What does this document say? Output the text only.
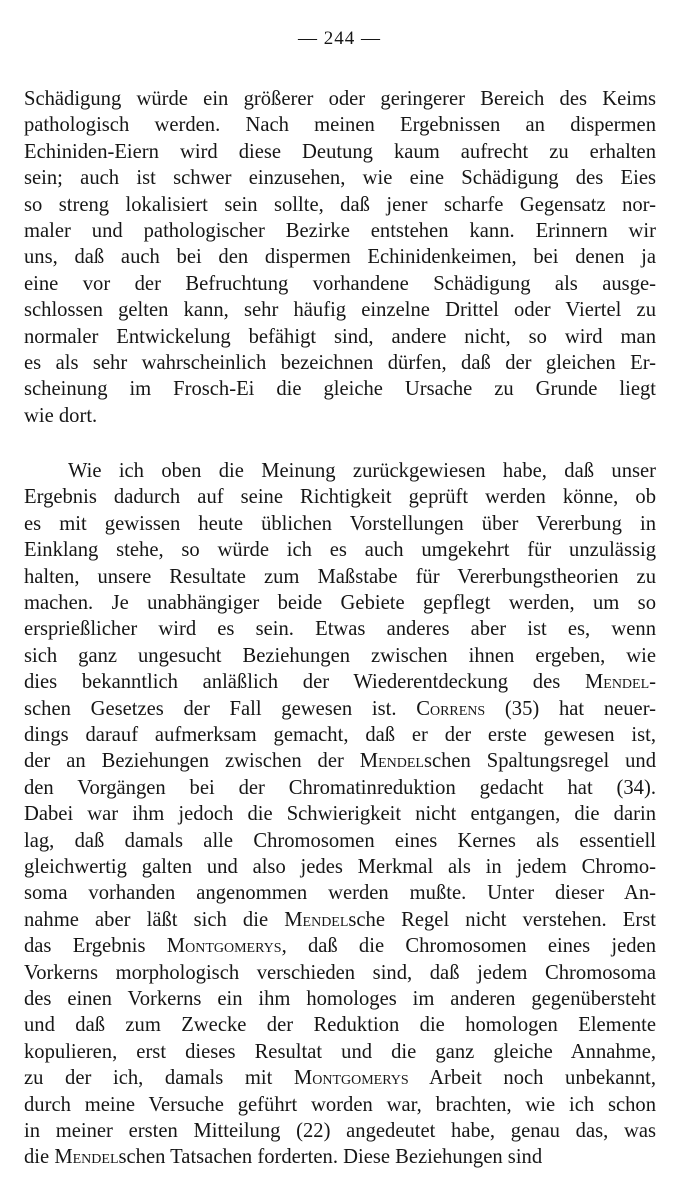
— 244 —
Schädigung würde ein größerer oder geringerer Bereich des Keims
pathologisch werden. Nach meinen Ergebnissen an dispermen
Echiniden-Eiern wird diese Deutung kaum aufrecht zu erhalten
sein; auch ist schwer einzusehen, wie eine Schädigung des Eies
so streng lokalisiert sein sollte, daß jener scharfe Gegensatz nor-
maler und pathologischer Bezirke entstehen kann. Erinnern wir
uns, daß auch bei den dispermen Echinidenkeimen, bei denen ja
eine vor der Befruchtung vorhandene Schädigung als ausge-
schlossen gelten kann, sehr häufig einzelne Drittel oder Viertel zu
normaler Entwickelung befähigt sind, andere nicht, so wird man
es als sehr wahrscheinlich bezeichnen dürfen, daß der gleichen Er-
scheinung im Frosch-Ei die gleiche Ursache zu Grunde liegt
wie dort.
Wie ich oben die Meinung zurückgewiesen habe, daß unser
Ergebnis dadurch auf seine Richtigkeit geprüft werden könne, ob
es mit gewissen heute üblichen Vorstellungen über Vererbung in
Einklang stehe, so würde ich es auch umgekehrt für unzulässig
halten, unsere Resultate zum Maßstabe für Vererbungstheorien zu
machen. Je unabhängiger beide Gebiete gepflegt werden, um so
ersprießlicher wird es sein. Etwas anderes aber ist es, wenn
sich ganz ungesucht Beziehungen zwischen ihnen ergeben, wie
dies bekanntlich anläßlich der Wiederentdeckung des Mendel-
schen Gesetzes der Fall gewesen ist. Correns (35) hat neuer-
dings darauf aufmerksam gemacht, daß er der erste gewesen ist,
der an Beziehungen zwischen der Mendelschen Spaltungsregel und
den Vorgängen bei der Chromatinreduktion gedacht hat (34).
Dabei war ihm jedoch die Schwierigkeit nicht entgangen, die darin
lag, daß damals alle Chromosomen eines Kernes als essentiell
gleichwertig galten und also jedes Merkmal als in jedem Chromo-
soma vorhanden angenommen werden mußte. Unter dieser An-
nahme aber läßt sich die Mendelsche Regel nicht verstehen. Erst
das Ergebnis Montgomerys, daß die Chromosomen eines jeden
Vorkerns morphologisch verschieden sind, daß jedem Chromosoma
des einen Vorkerns ein ihm homologes im anderen gegenübersteht
und daß zum Zwecke der Reduktion die homologen Elemente
kopulieren, erst dieses Resultat und die ganz gleiche Annahme,
zu der ich, damals mit Montgomerys Arbeit noch unbekannt,
durch meine Versuche geführt worden war, brachten, wie ich schon
in meiner ersten Mitteilung (22) angedeutet habe, genau das, was
die Mendelschen Tatsachen forderten. Diese Beziehungen sind
